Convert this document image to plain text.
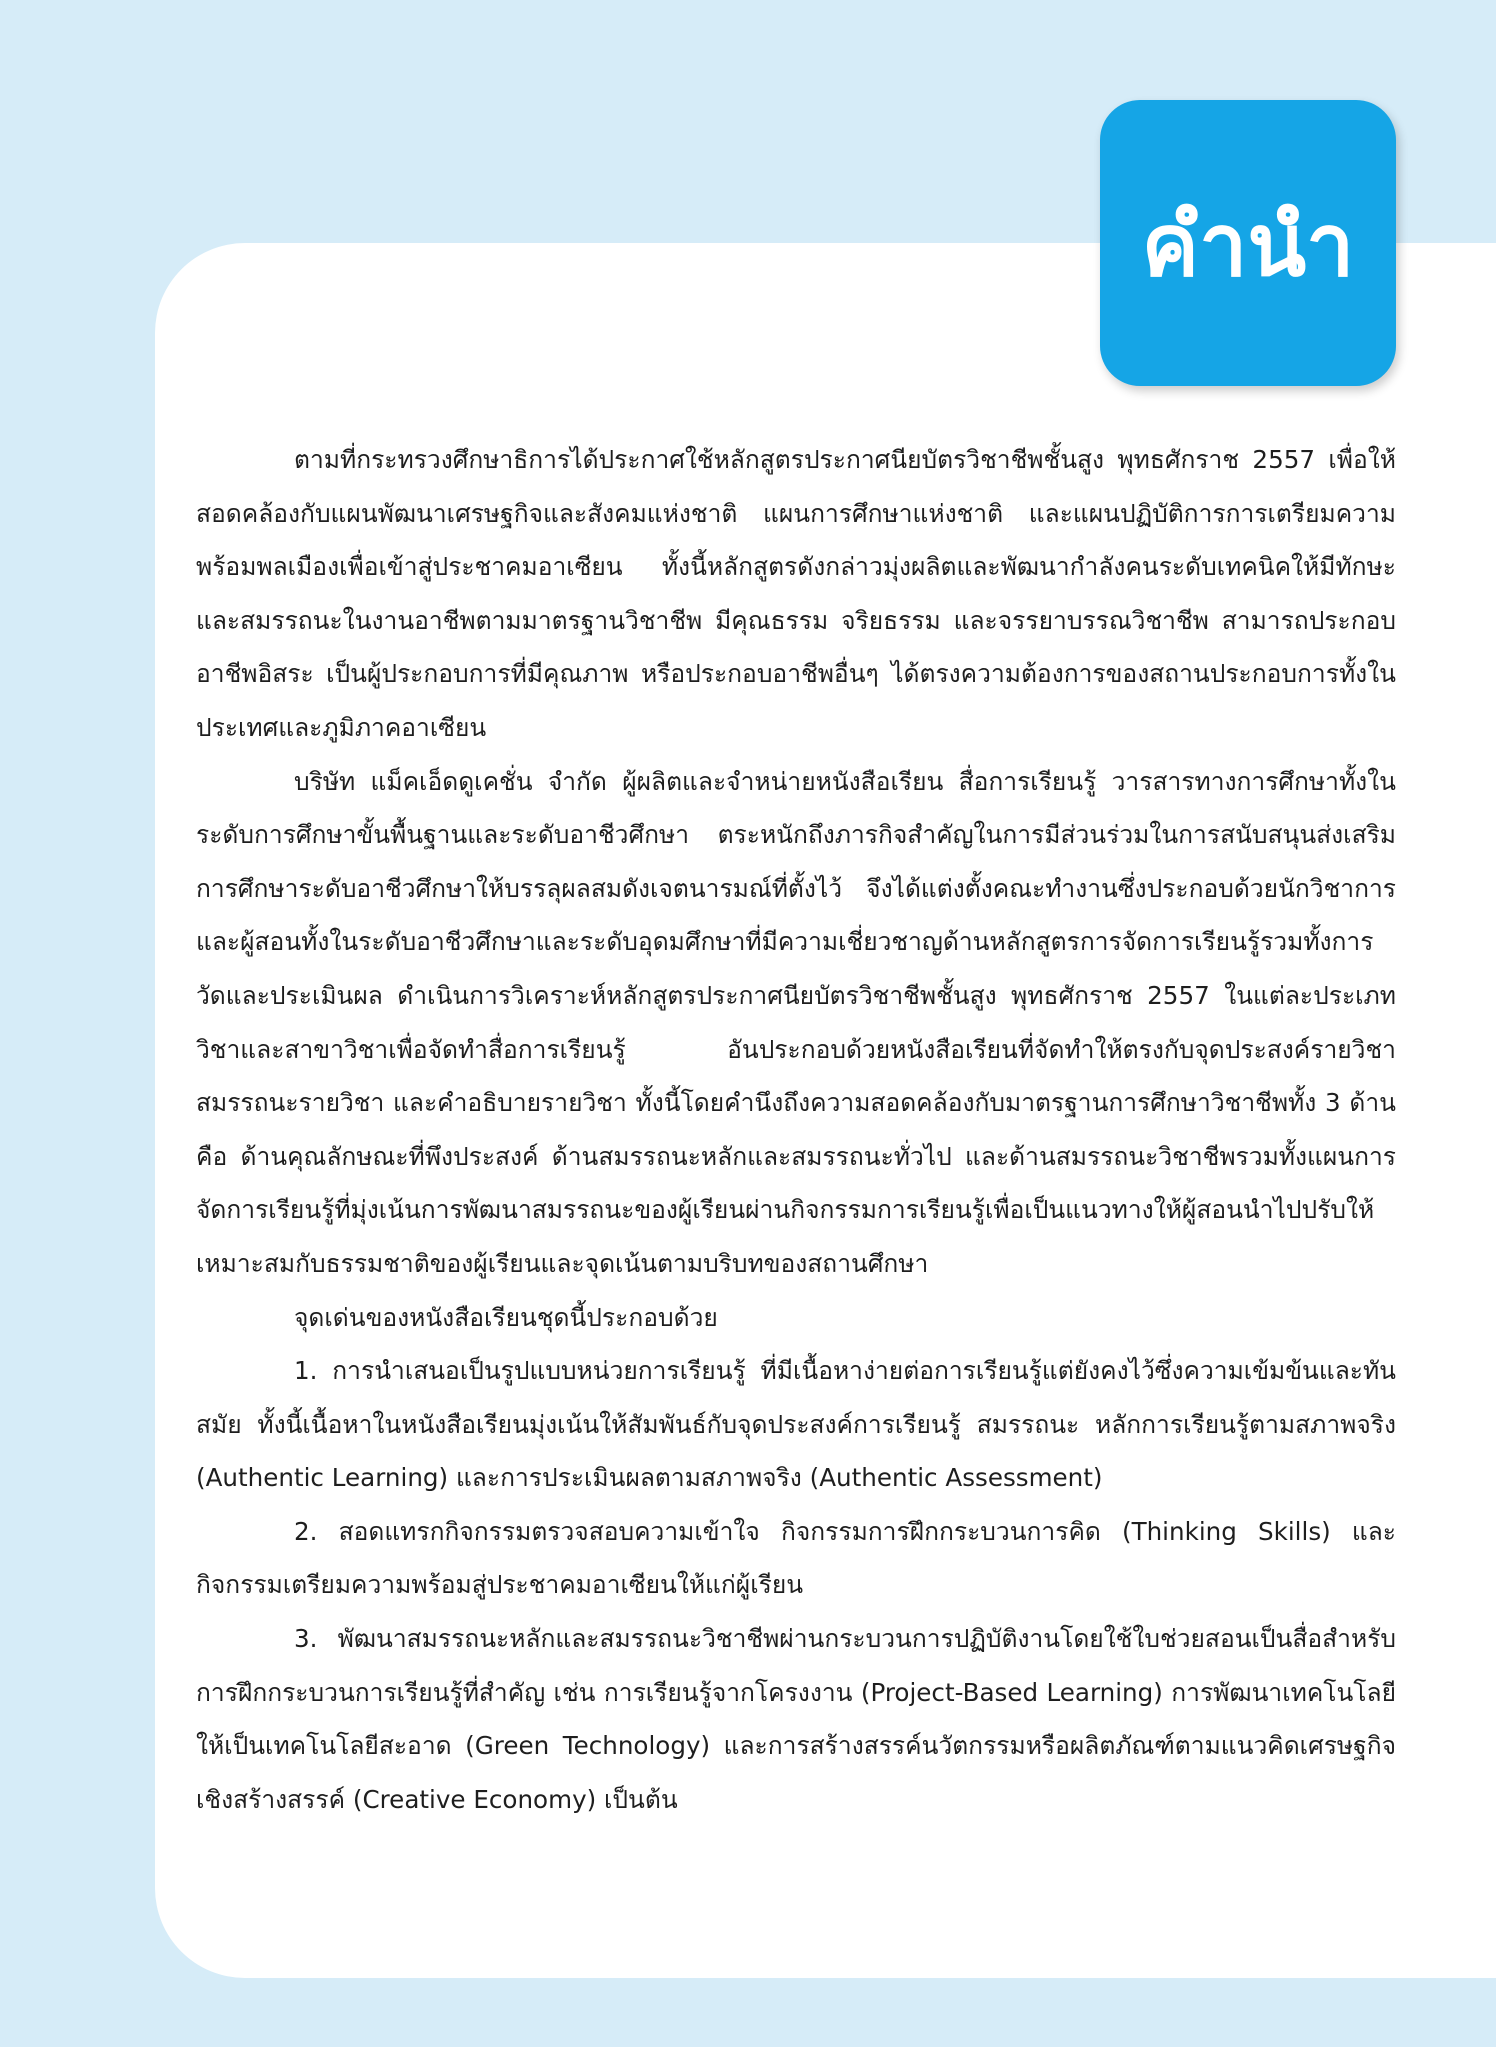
คำนำ

ตามที่กระทรวงศึกษาธิการได้ประกาศใช้หลักสูตรประกาศนียบัตรวิชาชีพชั้นสูง พุทธศักราช 2557 เพื่อให้สอดคล้องกับแผนพัฒนาเศรษฐกิจและสังคมแห่งชาติ แผนการศึกษาแห่งชาติ และแผนปฏิบัติการการเตรียมความพร้อมพลเมืองเพื่อเข้าสู่ประชาคมอาเซียน ทั้งนี้หลักสูตรดังกล่าวมุ่งผลิตและพัฒนากำลังคนระดับเทคนิคให้มีทักษะและสมรรถนะในงานอาชีพตามมาตรฐานวิชาชีพ มีคุณธรรม จริยธรรม และจรรยาบรรณวิชาชีพ สามารถประกอบอาชีพอิสระ เป็นผู้ประกอบการที่มีคุณภาพ หรือประกอบอาชีพอื่นๆ ได้ตรงความต้องการของสถานประกอบการทั้งในประเทศและภูมิภาคอาเซียน

บริษัท แม็คเอ็ดดูเคชั่น จำกัด ผู้ผลิตและจำหน่ายหนังสือเรียน สื่อการเรียนรู้ วารสารทางการศึกษาทั้งในระดับการศึกษาขั้นพื้นฐานและระดับอาชีวศึกษา ตระหนักถึงภารกิจสำคัญในการมีส่วนร่วมในการสนับสนุนส่งเสริมการศึกษาระดับอาชีวศึกษาให้บรรลุผลสมดังเจตนารมณ์ที่ตั้งไว้ จึงได้แต่งตั้งคณะทำงานซึ่งประกอบด้วยนักวิชาการ และผู้สอนทั้งในระดับอาชีวศึกษาและระดับอุดมศึกษาที่มีความเชี่ยวชาญด้านหลักสูตรการจัดการเรียนรู้รวมทั้งการวัดและประเมินผล ดำเนินการวิเคราะห์หลักสูตรประกาศนียบัตรวิชาชีพชั้นสูง พุทธศักราช 2557 ในแต่ละประเภทวิชาและสาขาวิชาเพื่อจัดทำสื่อการเรียนรู้ อันประกอบด้วยหนังสือเรียนที่จัดทำให้ตรงกับจุดประสงค์รายวิชา สมรรถนะรายวิชา และคำอธิบายรายวิชา ทั้งนี้โดยคำนึงถึงความสอดคล้องกับมาตรฐานการศึกษาวิชาชีพทั้ง 3 ด้าน คือ ด้านคุณลักษณะที่พึงประสงค์ ด้านสมรรถนะหลักและสมรรถนะทั่วไป และด้านสมรรถนะวิชาชีพรวมทั้งแผนการจัดการเรียนรู้ที่มุ่งเน้นการพัฒนาสมรรถนะของผู้เรียนผ่านกิจกรรมการเรียนรู้เพื่อเป็นแนวทางให้ผู้สอนนำไปปรับให้เหมาะสมกับธรรมชาติของผู้เรียนและจุดเน้นตามบริบทของสถานศึกษา

จุดเด่นของหนังสือเรียนชุดนี้ประกอบด้วย

1. การนำเสนอเป็นรูปแบบหน่วยการเรียนรู้ ที่มีเนื้อหาง่ายต่อการเรียนรู้แต่ยังคงไว้ซึ่งความเข้มข้นและทันสมัย ทั้งนี้เนื้อหาในหนังสือเรียนมุ่งเน้นให้สัมพันธ์กับจุดประสงค์การเรียนรู้ สมรรถนะ หลักการเรียนรู้ตามสภาพจริง (Authentic Learning) และการประเมินผลตามสภาพจริง (Authentic Assessment)

2. สอดแทรกกิจกรรมตรวจสอบความเข้าใจ กิจกรรมการฝึกกระบวนการคิด (Thinking Skills) และกิจกรรมเตรียมความพร้อมสู่ประชาคมอาเซียนให้แก่ผู้เรียน

3. พัฒนาสมรรถนะหลักและสมรรถนะวิชาชีพผ่านกระบวนการปฏิบัติงานโดยใช้ใบช่วยสอนเป็นสื่อสำหรับการฝึกกระบวนการเรียนรู้ที่สำคัญ เช่น การเรียนรู้จากโครงงาน (Project-Based Learning) การพัฒนาเทคโนโลยีให้เป็นเทคโนโลยีสะอาด (Green Technology) และการสร้างสรรค์นวัตกรรมหรือผลิตภัณฑ์ตามแนวคิดเศรษฐกิจเชิงสร้างสรรค์ (Creative Economy) เป็นต้น
